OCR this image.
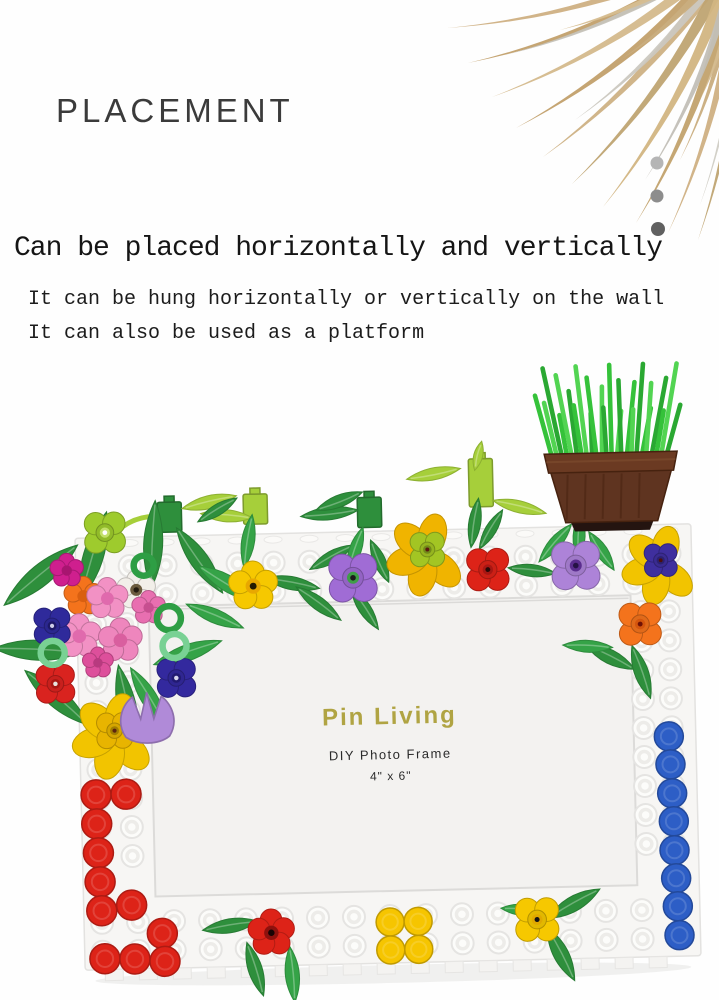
PLACEMENT
Can be placed horizontally and vertically
It can be hung horizontally or vertically on the wall
It can also be used as a platform
Pin Living
DIY Photo Frame
4" x 6"
